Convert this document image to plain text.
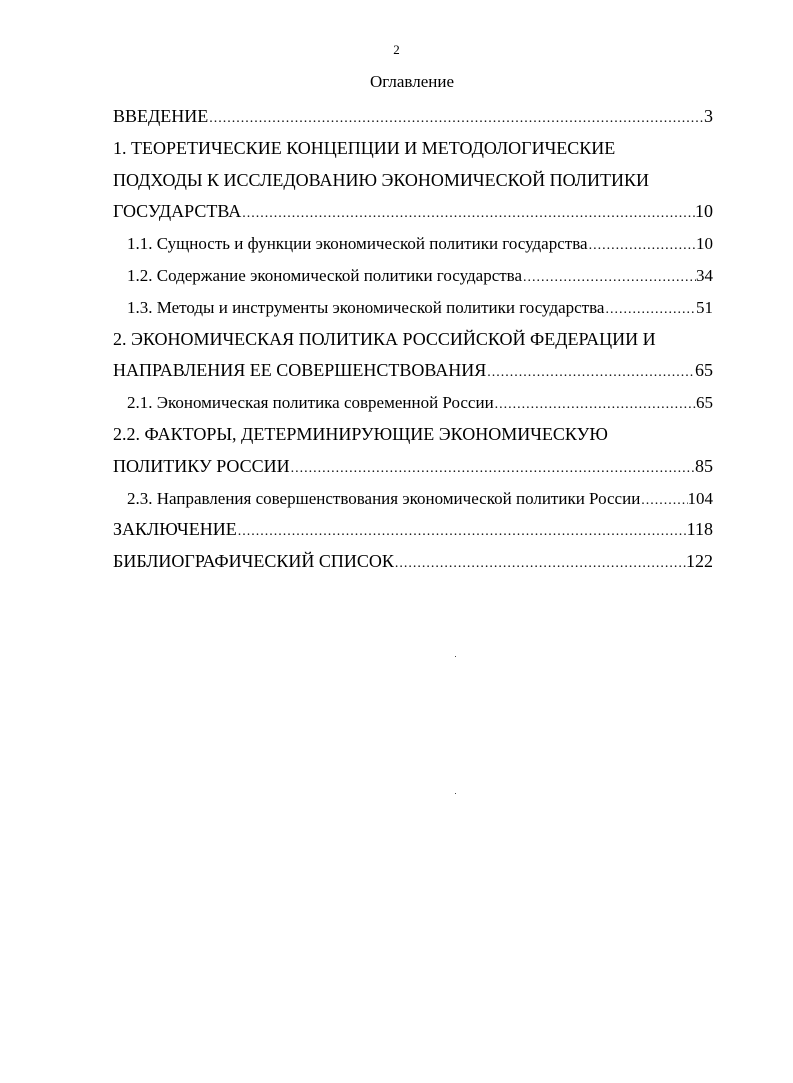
2
Оглавление
ВВЕДЕНИЕ .....	3
1. ТЕОРЕТИЧЕСКИЕ КОНЦЕПЦИИ И МЕТОДОЛОГИЧЕСКИЕ
ПОДХОДЫ К ИССЛЕДОВАНИЮ ЭКОНОМИЧЕСКОЙ ПОЛИТИКИ
ГОСУДАРСТВА .....	10
1.1. Сущность и функции экономической политики государства .....	10
1.2. Содержание экономической политики государства .....	34
1.3. Методы и инструменты экономической политики государства .....	51
2. ЭКОНОМИЧЕСКАЯ ПОЛИТИКА РОССИЙСКОЙ ФЕДЕРАЦИИ И
НАПРАВЛЕНИЯ ЕЕ СОВЕРШЕНСТВОВАНИЯ .....	65
2.1. Экономическая политика современной России .....	65
2.2. ФАКТОРЫ, ДЕТЕРМИНИРУЮЩИЕ ЭКОНОМИЧЕСКУЮ
ПОЛИТИКУ РОССИИ .....	85
2.3. Направления совершенствования экономической политики России .....	104
ЗАКЛЮЧЕНИЕ .....	118
БИБЛИОГРАФИЧЕСКИЙ СПИСОК .....	122
